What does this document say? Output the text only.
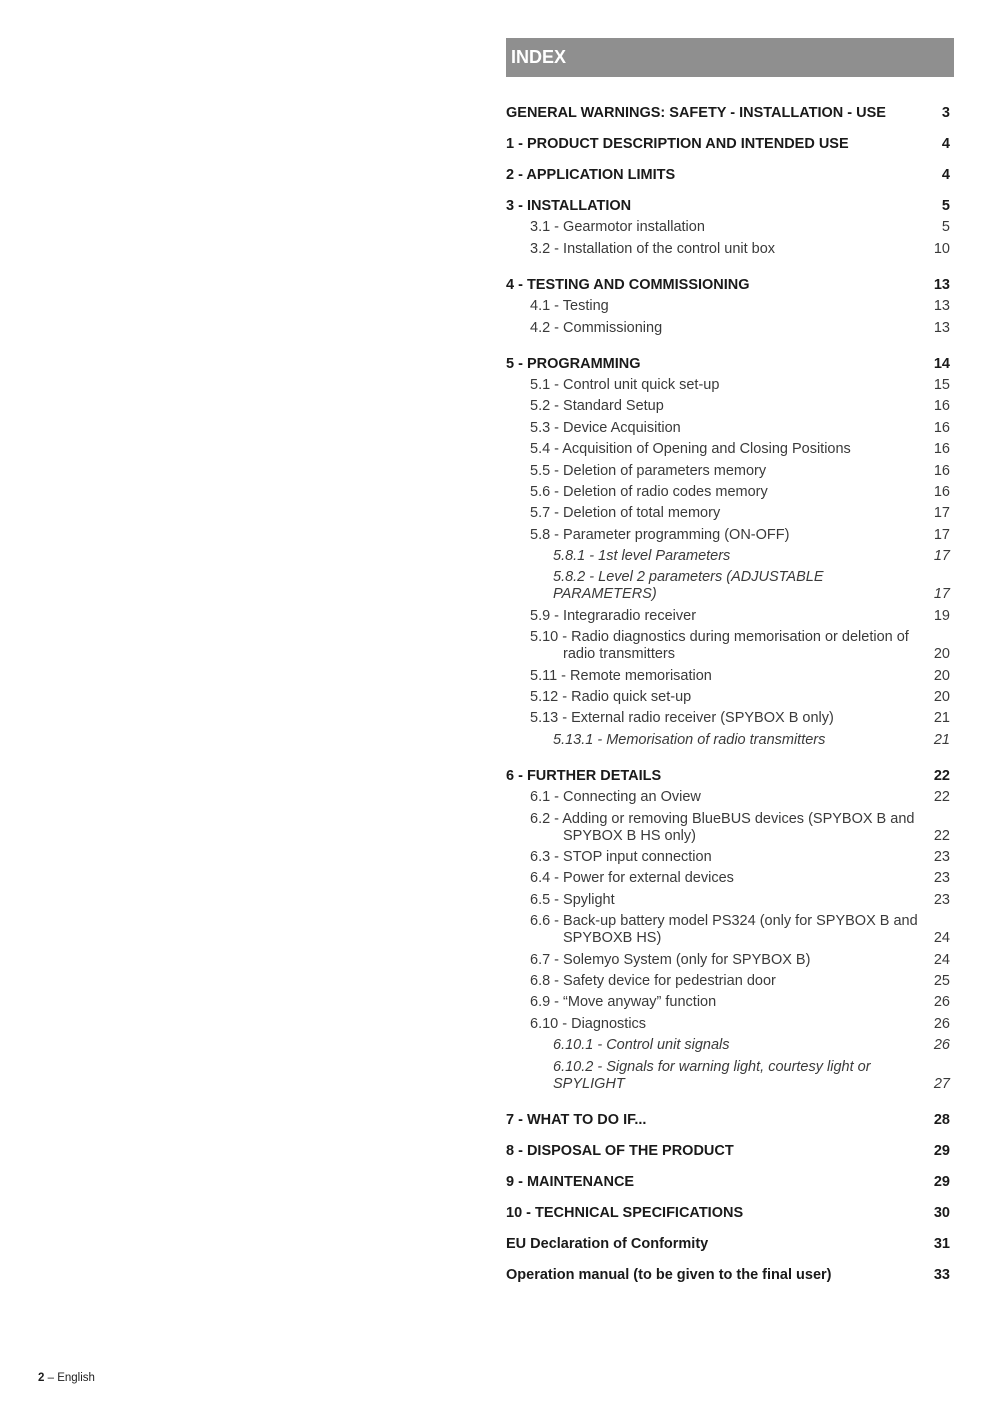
INDEX
GENERAL WARNINGS: SAFETY - INSTALLATION - USE	3
1 - PRODUCT DESCRIPTION AND INTENDED USE	4
2 - APPLICATION LIMITS	4
3 - INSTALLATION	5
3.1 - Gearmotor installation	5
3.2 - Installation of the control unit box	10
4 - TESTING AND COMMISSIONING	13
4.1 - Testing	13
4.2 - Commissioning	13
5 - PROGRAMMING	14
5.1 - Control unit quick set-up	15
5.2 - Standard Setup	16
5.3 - Device Acquisition	16
5.4 - Acquisition of Opening and Closing Positions	16
5.5 - Deletion of parameters memory	16
5.6 - Deletion of radio codes memory	16
5.7 - Deletion of total memory	17
5.8 - Parameter programming (ON-OFF)	17
5.8.1 - 1st level Parameters	17
5.8.2 - Level 2 parameters (ADJUSTABLE PARAMETERS)	17
5.9 - Integraradio receiver	19
5.10 - Radio diagnostics during memorisation or deletion of radio transmitters	20
5.11 - Remote memorisation	20
5.12 - Radio quick set-up	20
5.13 - External radio receiver (SPYBOX B only)	21
5.13.1 - Memorisation of radio transmitters	21
6 - FURTHER DETAILS	22
6.1 - Connecting an Oview	22
6.2 - Adding or removing BlueBUS devices (SPYBOX B and SPYBOX B HS only)	22
6.3 - STOP input connection	23
6.4 - Power for external devices	23
6.5 - Spylight	23
6.6 - Back-up battery model PS324 (only for SPYBOX B and SPYBOXB HS)	24
6.7 - Solemyo System (only for SPYBOX B)	24
6.8 - Safety device for pedestrian door	25
6.9 - “Move anyway” function	26
6.10 - Diagnostics	26
6.10.1 - Control unit signals	26
6.10.2 - Signals for warning light, courtesy light or SPYLIGHT	27
7 - WHAT TO DO IF...	28
8 - DISPOSAL OF THE PRODUCT	29
9 - MAINTENANCE	29
10 - TECHNICAL SPECIFICATIONS	30
EU Declaration of Conformity	31
Operation manual (to be given to the final user)	33
2 – English
